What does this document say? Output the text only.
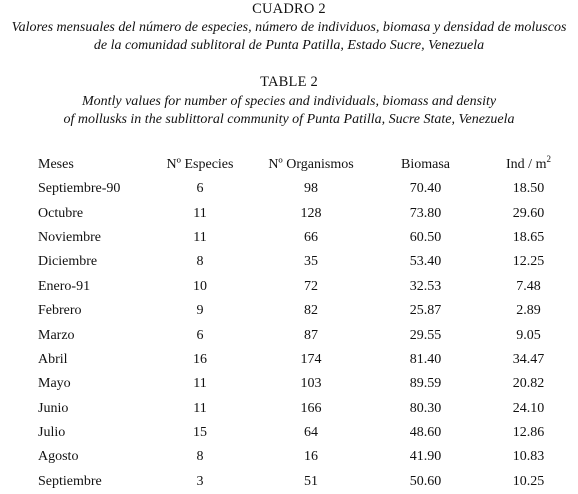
CUADRO 2
Valores mensuales del número de especies, número de individuos, biomasa y densidad de moluscos
de la comunidad sublitoral de Punta Patilla, Estado Sucre, Venezuela
TABLE 2
Montly values for number of species and individuals, biomass and density
of mollusks in the sublittoral community of Punta Patilla, Sucre State, Venezuela
Meses	Nº Especies	Nº Organismos	Biomasa	Ind / $m^2$
Septiembre-90	6	98	70.40	18.50
Octubre	11	128	73.80	29.60
Noviembre	11	66	60.50	18.65
Diciembre	8	35	53.40	12.25
Enero-91	10	72	32.53	7.48
Febrero	9	82	25.87	2.89
Marzo	6	87	29.55	9.05
Abril	16	174	81.40	34.47
Mayo	11	103	89.59	20.82
Junio	11	166	80.30	24.10
Julio	15	64	48.60	12.86
Agosto	8	16	41.90	10.83
Septiembre	3	51	50.60	10.25
